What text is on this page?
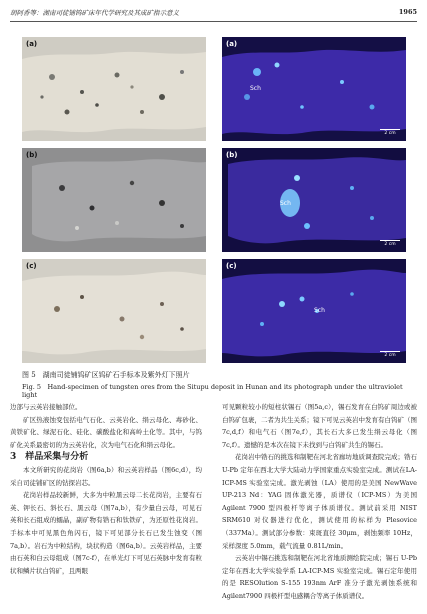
胡阿香等：湖南司徒铺钨矿床年代学研究及其成矿指示意义	1965
(a)	(a)
Sch
2 cm
(b)	(b)
Sch
2 cm
(c)	(c)
Sch
2 cm
图 5　湖南司徒铺钨矿区钨矿石手标本及紫外灯下照片
Fig. 5　Hand-specimen of tungsten ores from the Situpu deposit in Hunan and its photograph under the ultraviolet light

边部与云英岩接触部位。

矿区热液蚀变包括电气石化、云英岩化、绢云母化、毒砂化、黄铁矿化、绿泥石化、硅化、碳酸盐化和高岭土化等。其中，与钨矿化关系最密切的为云英岩化，次为电气石化和绢云母化。

3　样品采集与分析

本文所研究的花岗岩（图6a,b）和云英岩样品（图6c,d），均采自司徒铺矿区的钻探岩芯。

花岗岩样品较新鲜，大多为中粒黑云母二长花岗岩，主要有石英、钾长石、斜长石、黑云母（图7a,b），有少量白云母，可见石英和长石组成的蠕晶，副矿物有锆石和钛铁矿，为还原性花岗岩。手标本中可见黑色角闪石，镜下可见部分长石已发生蚀变（图7a,b）。岩石为中粒结构，块状构造（图6a,b）。云英岩样品，主要由石英和白云母组成（图7c-f），在单光灯下可见石英脉中发育有粒状和鳞片状白钨矿，且两眼

可见颗粒较小的短柱状锡石（图5a,c），锡石发育在白钨矿周边或被白钨矿包裹，二者为共生关系；镜下可见云英岩中发育有白钨矿（图7c,d,f）和电气石（图7e,f），其长石大多已发生绢云母化（图7c,f）。遗憾的是本次在镜下未找到与白钨矿共生的锡石。

花岗岩中锆石的挑选和制靶在河北省廊坊地质调查院完成；锆石 U-Pb 定年在西北大学大陆动力学国家重点实验室完成。测试在LA-ICP-MS 实验室完成。激光剥蚀（LA）使用的是美国 NewWave UP-213 Nd：YAG 固体激光器，质谱仪（ICP-MS）为美国 Agilent 7900 型四极杆等离子体质谱仪。测试前采用 NIST SRM610 对仪器进行优化，测试使用的标样为 Plesovice（337Ma）。测试部分参数：束斑直径 30μm，剥蚀频率 10Hz，采样深度 5.0mm，载气流量 0.81L/min。

云英岩中锡石挑选和制靶在河北省地质测绘院完成；锡石 U-Pb 定年在西北大学实验学系 LA-ICP-MS 实验室完成。锡石定年使用的是 RESOlution S-155 193nm ArF 准分子激光剥蚀系统和 Agilent7900 四极杆型电感耦合等离子体质谱仪。
